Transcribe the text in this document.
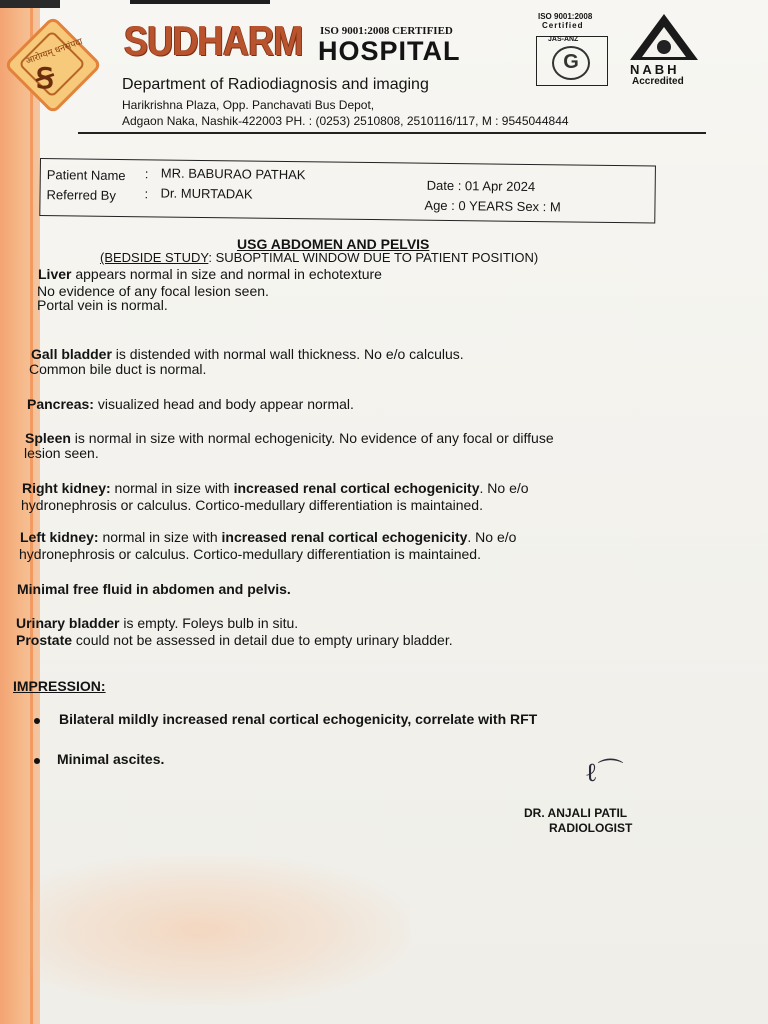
आरोग्यम् धनसंपदा
Ꞩ
SUDHARM ISO 9001:2008 CERTIFIED
HOSPITAL
Department of Radiodiagnosis and imaging
Harikrishna Plaza, Opp. Panchavati Bus Depot,
Adgaon Naka, Nashik-422003 PH. : (0253) 2510808, 2510116/117, M : 9545044844
ISO 9001:2008
Certified
JAS-ANZ
G	NABH
Accredited
Patient Name : MR. BABURAO PATHAK
Referred By : Dr. MURTADAK	Date : 01 Apr 2024
Age : 0 YEARS Sex : M
USG ABDOMEN AND PELVIS
(BEDSIDE STUDY: SUBOPTIMAL WINDOW DUE TO PATIENT POSITION)
Liver appears normal in size and normal in echotexture
No evidence of any focal lesion seen.
Portal vein is normal.
Gall bladder is distended with normal wall thickness. No e/o calculus.
Common bile duct is normal.
Pancreas: visualized head and body appear normal.
Spleen is normal in size with normal echogenicity. No evidence of any focal or diffuse
lesion seen.
Right kidney: normal in size with increased renal cortical echogenicity. No e/o
hydronephrosis or calculus. Cortico-medullary differentiation is maintained.
Left kidney: normal in size with increased renal cortical echogenicity. No e/o
hydronephrosis or calculus. Cortico-medullary differentiation is maintained.
Minimal free fluid in abdomen and pelvis.
Urinary bladder is empty. Foleys bulb in situ.
Prostate could not be assessed in detail due to empty urinary bladder.
IMPRESSION:
Bilateral mildly increased renal cortical echogenicity, correlate with RFT
Minimal ascites.	ℓ⌒
DR. ANJALI PATIL
RADIOLOGIST
